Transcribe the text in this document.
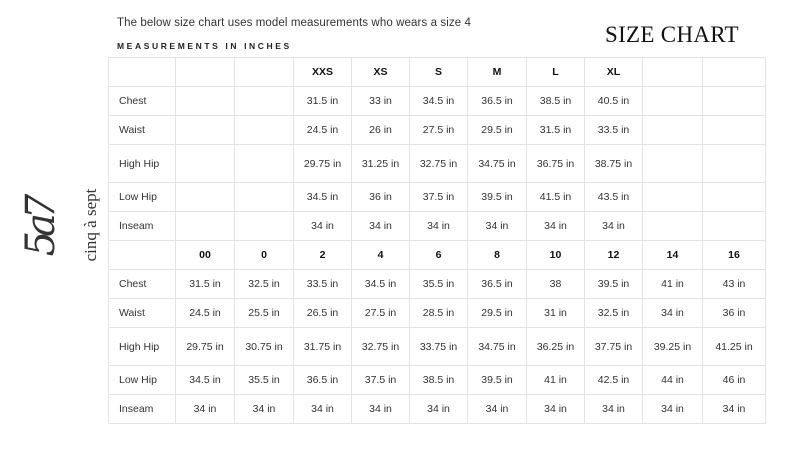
The below size chart uses model measurements who wears a size 4
MEASUREMENTS IN INCHES	SIZE CHART
5a7 cinq à sept
			XXS	XS	S	M	L	XL		
Chest			31.5 in	33 in	34.5 in	36.5 in	38.5 in	40.5 in		
Waist			24.5 in	26 in	27.5 in	29.5 in	31.5 in	33.5 in		
High Hip			29.75 in	31.25 in	32.75 in	34.75 in	36.75 in	38.75 in		
Low Hip			34.5 in	36 in	37.5 in	39.5 in	41.5 in	43.5 in		
Inseam			34 in	34 in	34 in	34 in	34 in	34 in		
	00	0	2	4	6	8	10	12	14	16
Chest	31.5 in	32.5 in	33.5 in	34.5 in	35.5 in	36.5 in	38	39.5 in	41 in	43 in
Waist	24.5 in	25.5 in	26.5 in	27.5 in	28.5 in	29.5 in	31 in	32.5 in	34 in	36 in
High Hip	29.75 in	30.75 in	31.75 in	32.75 in	33.75 in	34.75 in	36.25 in	37.75 in	39.25 in	41.25 in
Low Hip	34.5 in	35.5 in	36.5 in	37.5 in	38.5 in	39.5 in	41 in	42.5 in	44 in	46 in
Inseam	34 in	34 in	34 in	34 in	34 in	34 in	34 in	34 in	34 in	34 in
